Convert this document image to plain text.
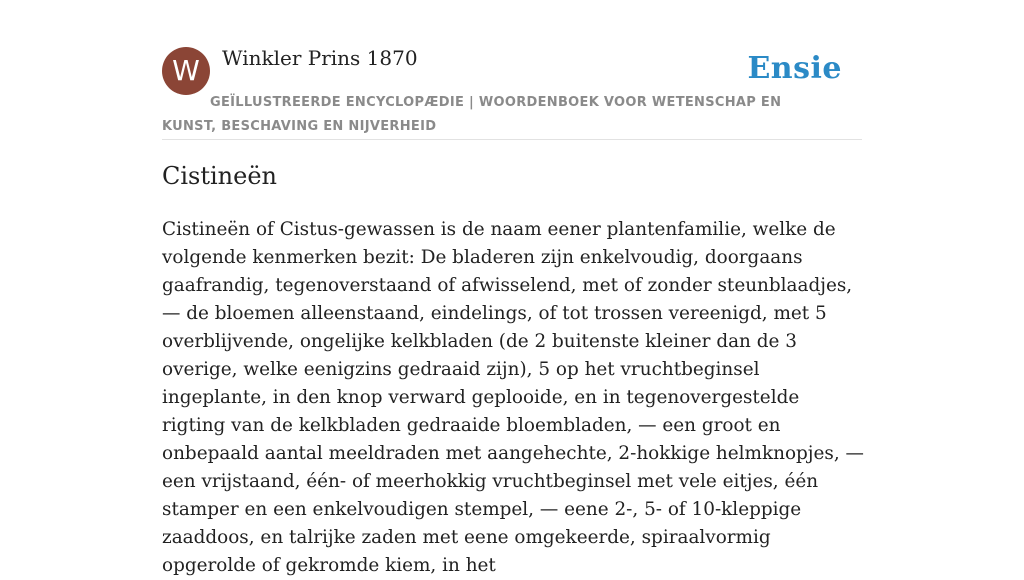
W	Winkler Prins 1870	Ensie
GEÏLLUSTREERDE ENCYCLOPÆDIE | WOORDENBOEK VOOR WETENSCHAP EN KUNST, BESCHAVING EN NIJVERHEID
Cistineën

Cistineën of Cistus-gewassen is de naam eener plantenfamilie, welke de volgende kenmerken bezit: De bladeren zijn enkelvoudig, doorgaans gaafrandig, tegenoverstaand of afwisselend, met of zonder steunblaadjes, — de bloemen alleenstaand, eindelings, of tot trossen vereenigd, met 5 overblijvende, ongelijke kelkbladen (de 2 buitenste kleiner dan de 3 overige, welke eenigzins gedraaid zijn), 5 op het vruchtbeginsel ingeplante, in den knop verward geplooide, en in tegenovergestelde rigting van de kelkbladen gedraaide bloembladen, — een groot en onbepaald aantal meeldraden met aangehechte, 2-hokkige helmknopjes, — een vrijstaand, één- of meerhokkig vruchtbeginsel met vele eitjes, één stamper en een enkelvoudigen stempel, — eene 2-, 5- of 10-kleppige zaaddoos, en talrijke zaden met eene omgekeerde, spiraalvormig opgerolde of gekromde kiem, in het
